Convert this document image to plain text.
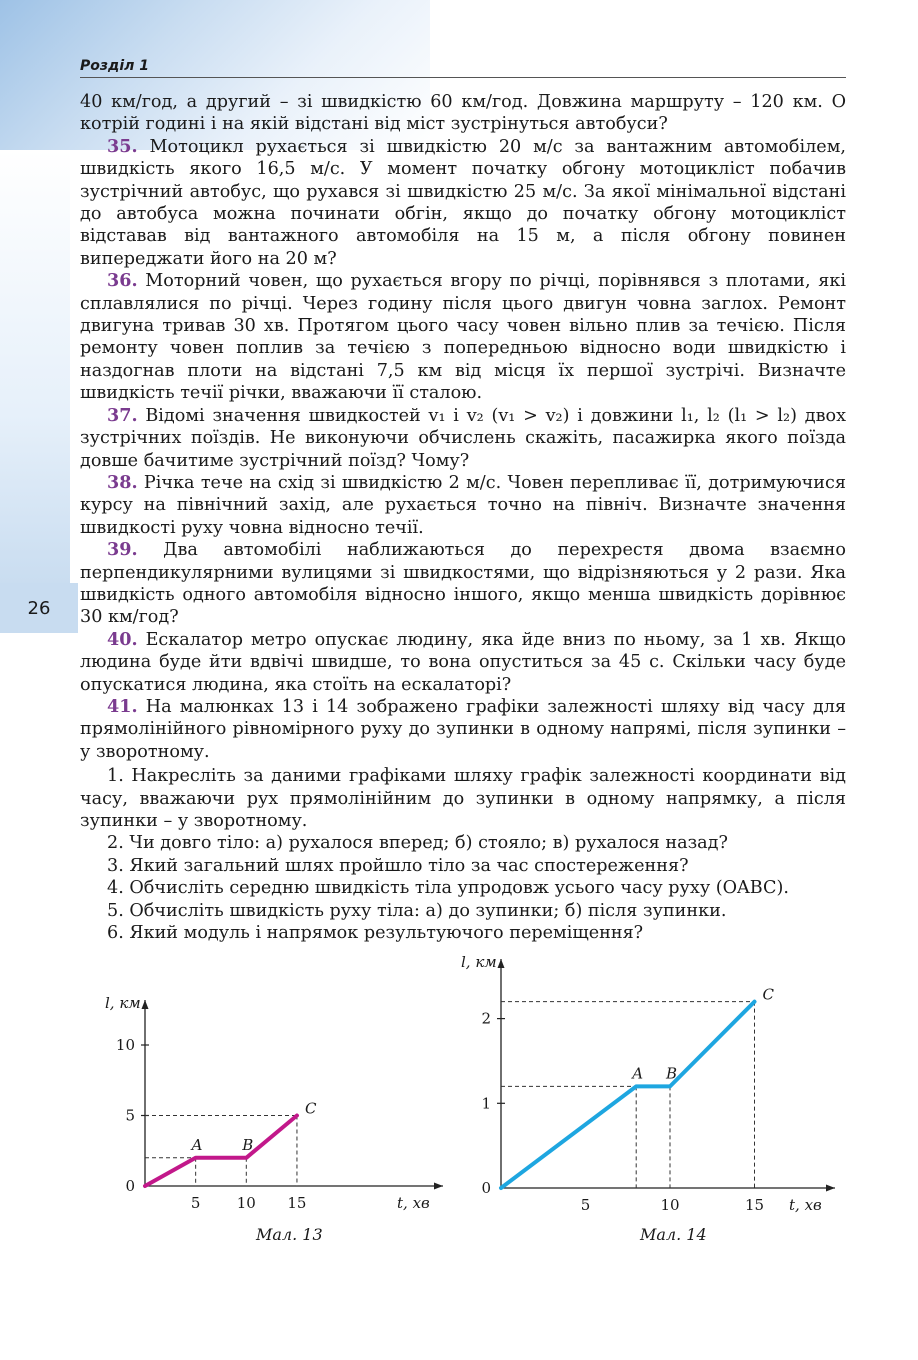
26
Розділ 1

40 км/год, а другий – зі швидкістю 60 км/год. Довжина маршруту – 120 км. О котрій годині і на якій відстані від міст зустрінуться автобуси?

35. Мотоцикл рухається зі швидкістю 20 м/с за вантажним автомобілем, швидкість якого 16,5 м/с. У момент початку обгону мотоцикліст побачив зустрічний автобус, що рухався зі швидкістю 25 м/с. За якої мінімальної відстані до автобуса можна починати обгін, якщо до початку обгону мотоцикліст відставав від вантажного автомобіля на 15 м, а після обгону повинен випереджати його на 20 м?

36. Моторний човен, що рухається вгору по річці, порівнявся з плотами, які сплавлялися по річці. Через годину після цього двигун човна заглох. Ремонт двигуна тривав 30 хв. Протягом цього часу човен вільно плив за течією. Після ремонту човен поплив за течією з попередньою відносно води швидкістю і наздогнав плоти на відстані 7,5 км від місця їх першої зустрічі. Визначте швидкість течії річки, вважаючи її сталою.

37. Відомі значення швидкостей v₁ і v₂ (v₁ > v₂) і довжини l₁, l₂ (l₁ > l₂) двох зустрічних поїздів. Не виконуючи обчислень скажіть, пасажирка якого поїзда довше бачитиме зустрічний поїзд? Чому?

38. Річка тече на схід зі швидкістю 2 м/с. Човен перепливає її, дотримуючися курсу на північний захід, але рухається точно на північ. Визначте значення швидкості руху човна відносно течії.

39. Два автомобілі наближаються до перехрестя двома взаємно перпендикулярними вулицями зі швидкостями, що відрізняються у 2 рази. Яка швидкість одного автомобіля відносно іншого, якщо менша швидкість дорівнює 30 км/год?

40. Ескалатор метро опускає людину, яка йде вниз по ньому, за 1 хв. Якщо людина буде йти вдвічі швидше, то вона опуститься за 45 с. Скільки часу буде опускатися людина, яка стоїть на ескалаторі?

41. На малюнках 13 і 14 зображено графіки залежності шляху від часу для прямолінійного рівномірного руху до зупинки в одному напрямі, після зупинки – у зворотному.

1. Накресліть за даними графіками шляху графік залежності координати від часу, вважаючи рух прямолінійним до зупинки в одному напрямку, а після зупинки – у зворотному.

2. Чи довго тіло: а) рухалося вперед; б) стояло; в) рухалося назад?

3. Який загальний шлях пройшло тіло за час спостереження?

4. Обчисліть середню швидкість тіла упродовж усього часу руху (OABC).

5. Обчисліть швидкість руху тіла: а) до зупинки; б) після зупинки.

6. Який модуль і напрямок результуючого переміщення?

l, км
t, хв
0
5
10
5 10 15
A	B
C
l, км
t, хв
0
1
2
5	10	15
A B
C
Мал. 13	Мал. 14
